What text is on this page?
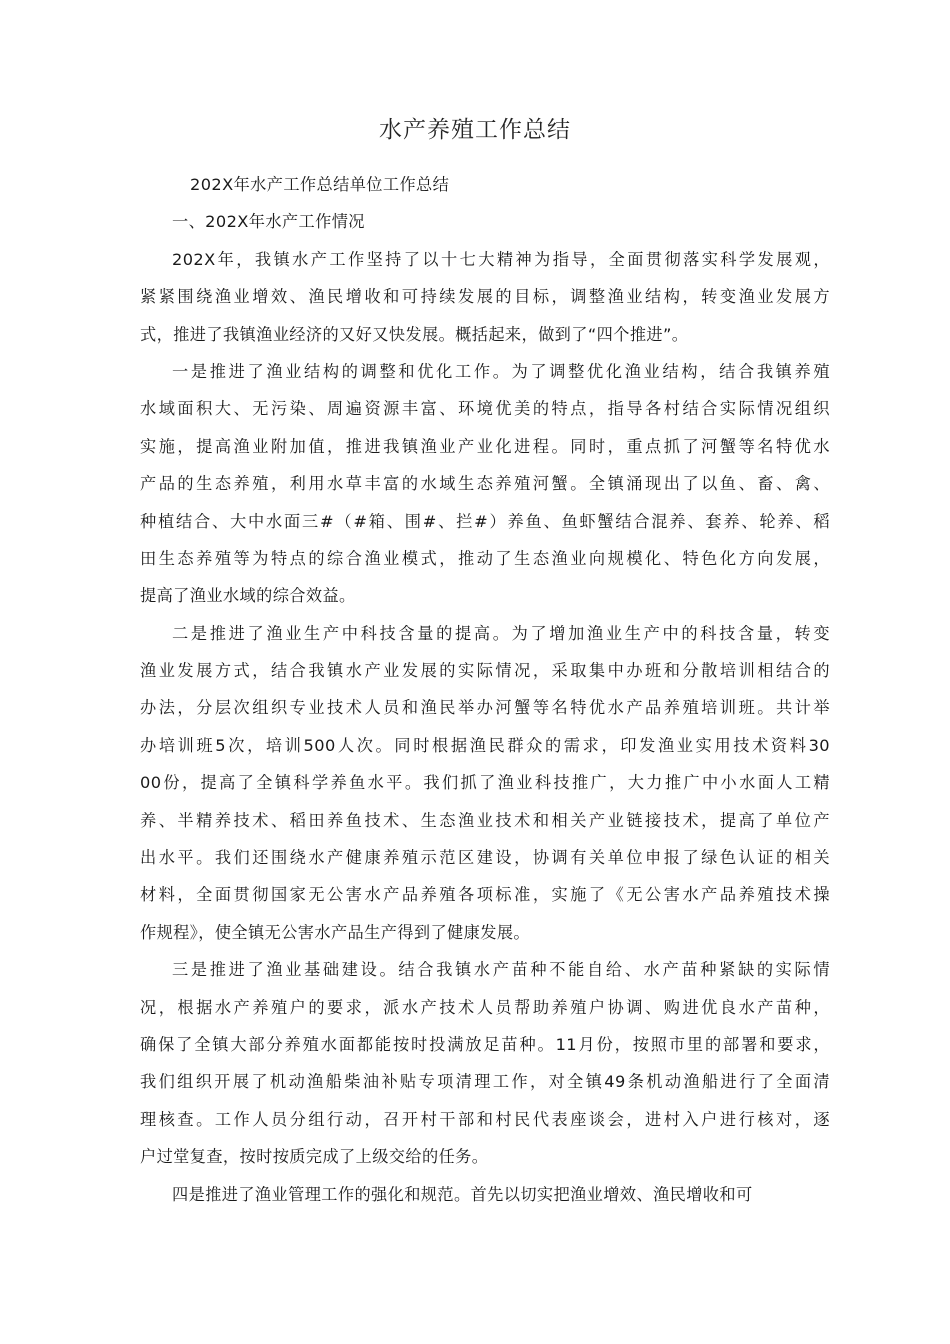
水产养殖工作总结
202X年水产工作总结单位工作总结
一、202X年水产工作情况
202X年，我镇水产工作坚持了以十七大精神为指导，全面贯彻落实科学发展观，
紧紧围绕渔业增效、渔民增收和可持续发展的目标，调整渔业结构，转变渔业发展方
式，推进了我镇渔业经济的又好又快发展。概括起来，做到了“四个推进”。
一是推进了渔业结构的调整和优化工作。为了调整优化渔业结构，结合我镇养殖
水域面积大、无污染、周遍资源丰富、环境优美的特点，指导各村结合实际情况组织
实施，提高渔业附加值，推进我镇渔业产业化进程。同时，重点抓了河蟹等名特优水
产品的生态养殖，利用水草丰富的水域生态养殖河蟹。全镇涌现出了以鱼、畜、禽、
种植结合、大中水面三#（#箱、围#、拦#）养鱼、鱼虾蟹结合混养、套养、轮养、稻
田生态养殖等为特点的综合渔业模式，推动了生态渔业向规模化、特色化方向发展，
提高了渔业水域的综合效益。
二是推进了渔业生产中科技含量的提高。为了增加渔业生产中的科技含量，转变
渔业发展方式，结合我镇水产业发展的实际情况，采取集中办班和分散培训相结合的
办法，分层次组织专业技术人员和渔民举办河蟹等名特优水产品养殖培训班。共计举
办培训班5次，培训500人次。同时根据渔民群众的需求，印发渔业实用技术资料30
00份，提高了全镇科学养鱼水平。我们抓了渔业科技推广，大力推广中小水面人工精
养、半精养技术、稻田养鱼技术、生态渔业技术和相关产业链接技术，提高了单位产
出水平。我们还围绕水产健康养殖示范区建设，协调有关单位申报了绿色认证的相关
材料，全面贯彻国家无公害水产品养殖各项标准，实施了《无公害水产品养殖技术操
作规程》，使全镇无公害水产品生产得到了健康发展。
三是推进了渔业基础建设。结合我镇水产苗种不能自给、水产苗种紧缺的实际情
况，根据水产养殖户的要求，派水产技术人员帮助养殖户协调、购进优良水产苗种，
确保了全镇大部分养殖水面都能按时投满放足苗种。11月份，按照市里的部署和要求，
我们组织开展了机动渔船柴油补贴专项清理工作，对全镇49条机动渔船进行了全面清
理核查。工作人员分组行动，召开村干部和村民代表座谈会，进村入户进行核对，逐
户过堂复查，按时按质完成了上级交给的任务。
四是推进了渔业管理工作的强化和规范。首先以切实把渔业增效、渔民增收和可
